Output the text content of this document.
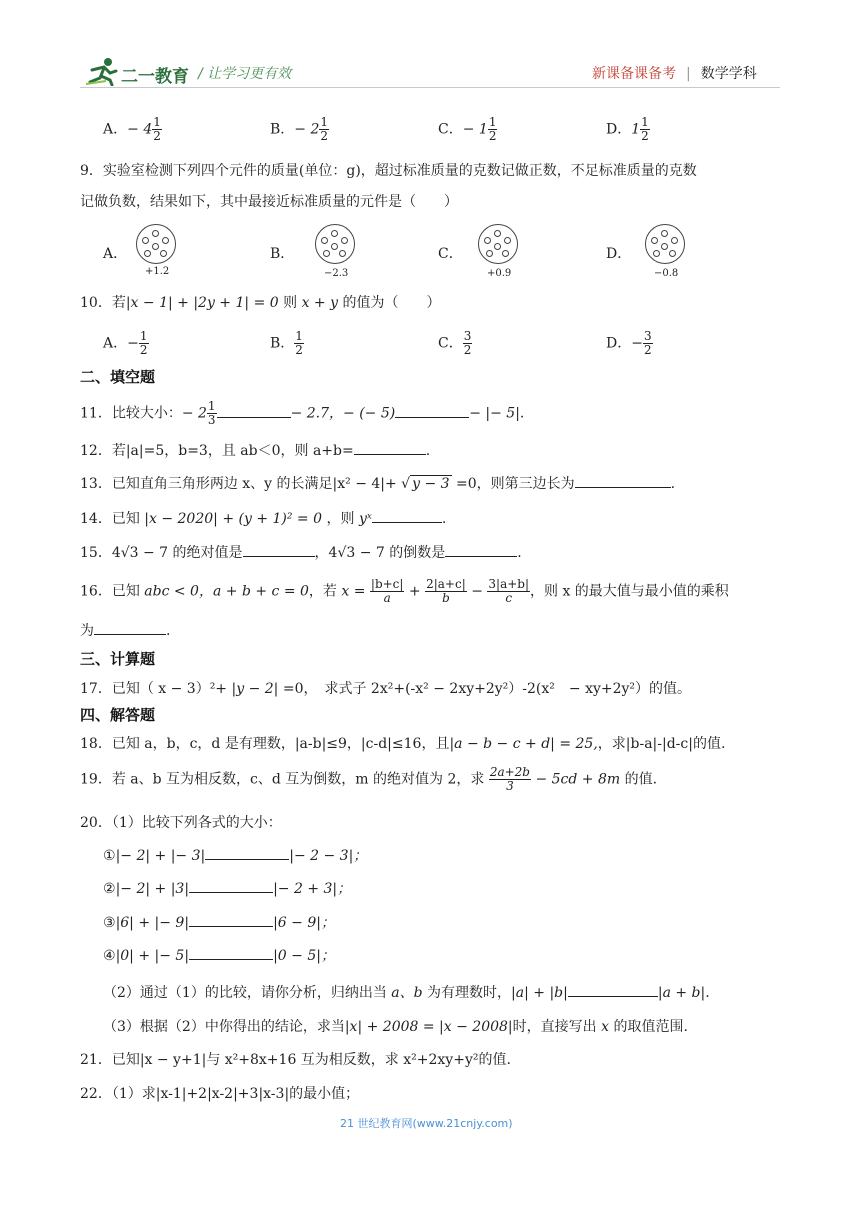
二一教育 / 让学习更有效	新课备课备考 | 数学学科
A．− $4 \frac{1}{2}$	B．− $2 \frac{1}{2}$	C．− $1 \frac{1}{2}$	D．$1 \frac{1}{2}$
9．实验室检测下列四个元件的质量(单位：g)，超过标准质量的克数记做正数，不足标准质量的克数
记做负数，结果如下，其中最接近标准质量的元件是（　　）
A．
+1.2
B．
−2.3
C．
+0.9
D．
−0.8
10．若|x − 1| + |2y + 1| = 0 则 x + y 的值为（　　）
A．− $\frac{1}{2}$	B． $\frac{1}{2}$	C． $\frac{3}{2}$	D．− $\frac{3}{2}$
二、填空题
11．比较大小：− $2 \frac{1}{3}$	− 2.7，− (− 5)	− |− 5|.
12．若|a|=5，b=3，且 ab＜0，则 a+b=	.
13．已知直角三角形两边 x、y 的长满足|x² − 4|+ √ y − 3 =0，则第三边长为	.
14．已知 |x − 2020| + (y + 1)² = 0 ，则 yˣ	.
15．4√3 − 7 的绝对值是	，4√3 − 7 的倒数是	.
16．已知 abc < 0，a + b + c = 0，若 $x = \frac{|b+c|}{a} + \frac{2|a+c|}{b} - \frac{3|a+b|}{c}$ ，则 x 的最大值与最小值的乘积
为	.
三、计算题
17．已知（ x − 3）²+ |y − 2| =0，　求式子 2x²+(-x² − 2xy+2y²）-2(x²　− xy+2y²）的值。
四、解答题
18．已知 a，b，c，d 是有理数，|a-b|≤9，|c-d|≤16，且|a − b − c + d| = 25,，求|b-a|-|d-c|的值.
19．若 a、b 互为相反数，c、d 互为倒数，m 的绝对值为 2，求 $\frac{2a+2b}{3} - 5cd + 8m$ 的值.
20．（1）比较下列各式的大小：
①|− 2| + |− 3|	|− 2 − 3|；
②|− 2| + |3|	|− 2 + 3|；
③|6| + |− 9|	|6 − 9|；
④|0| + |− 5|	|0 − 5|；
（2）通过（1）的比较，请你分析，归纳出当 a、b 为有理数时，|a| + |b|	|a + b|.
（3）根据（2）中你得出的结论，求当|x| + 2008 = |x − 2008|时，直接写出 x 的取值范围.
21．已知|x − y+1|与 x²+8x+16 互为相反数，求 x²+2xy+y²的值.
22．（1）求|x-1|+2|x-2|+3|x-3|的最小值；
21 世纪教育网(www.21cnjy.com)
